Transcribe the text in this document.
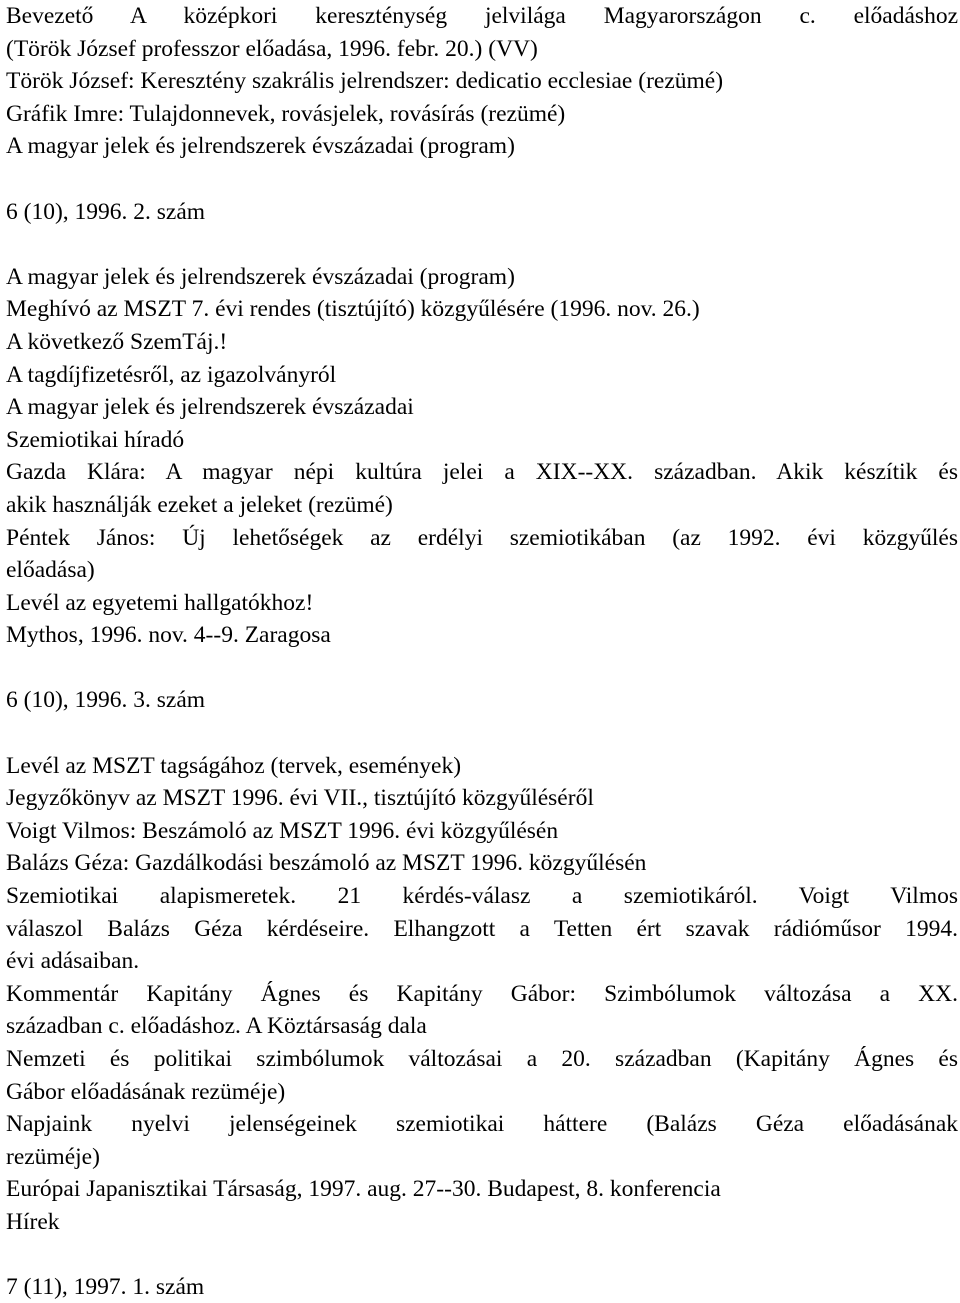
Bevezető A középkori kereszténység jelvilága Magyarországon c. előadáshoz
(Török József professzor előadása, 1996. febr. 20.) (VV)
Török József: Keresztény szakrális jelrendszer: dedicatio ecclesiae (rezümé)
Gráfik Imre: Tulajdonnevek, rovásjelek, rovásírás (rezümé)
A magyar jelek és jelrendszerek évszázadai (program)
6 (10), 1996. 2. szám
A magyar jelek és jelrendszerek évszázadai (program)
Meghívó az MSZT 7. évi rendes (tisztújító) közgyűlésére (1996. nov. 26.)
A következő SzemTáj.!
A tagdíjfizetésről, az igazolványról
A magyar jelek és jelrendszerek évszázadai
Szemiotikai híradó
Gazda Klára: A magyar népi kultúra jelei a XIX--XX. században. Akik készítik és
akik használják ezeket a jeleket (rezümé)
Péntek János: Új lehetőségek az erdélyi szemiotikában (az 1992. évi közgyűlés
előadása)
Levél az egyetemi hallgatókhoz!
Mythos, 1996. nov. 4--9. Zaragosa
6 (10), 1996. 3. szám
Levél az MSZT tagságához (tervek, események)
Jegyzőkönyv az MSZT 1996. évi VII., tisztújító közgyűléséről
Voigt Vilmos: Beszámoló az MSZT 1996. évi közgyűlésén
Balázs Géza: Gazdálkodási beszámoló az MSZT 1996. közgyűlésén
Szemiotikai alapismeretek. 21 kérdés-válasz a szemiotikáról. Voigt Vilmos
válaszol Balázs Géza kérdéseire. Elhangzott a Tetten ért szavak rádióműsor 1994.
évi adásaiban.
Kommentár Kapitány Ágnes és Kapitány Gábor: Szimbólumok változása a XX.
században c. előadáshoz. A Köztársaság dala
Nemzeti és politikai szimbólumok változásai a 20. században (Kapitány Ágnes és
Gábor előadásának rezüméje)
Napjaink nyelvi jelenségeinek szemiotikai háttere (Balázs Géza előadásának
rezüméje)
Európai Japanisztikai Társaság, 1997. aug. 27--30. Budapest, 8. konferencia
Hírek
7 (11), 1997. 1. szám
